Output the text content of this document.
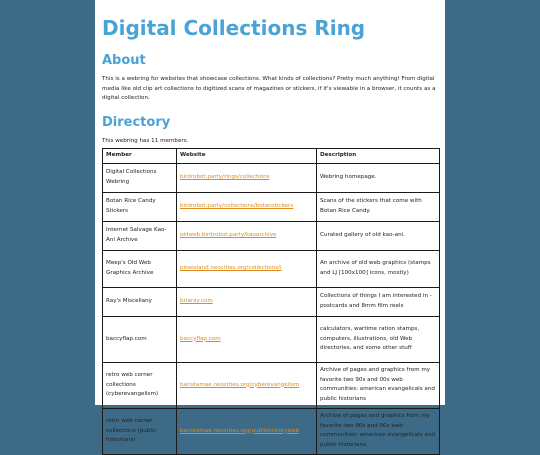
Digital Collections Ring
About

This is a webring for websites that showcase collections. What kinds of collections? Pretty much anything! From digital media like old clip art collections to digitized scans of magazines or stickers, if it's viewable in a browser, it counts as a digital collection.

Directory

This webring has 11 members.

Member	Website	Description
Digital Collections Webring	birdrobot.party/rings/collections	Webring homepage.
Botan Rice Candy Stickers	birdrobot.party/collections/botanstickers	Scans of the stickers that come with Botan Rice Candy.
Internet Salvage Kao-Ani Archive	oldweb.birdrobot.party/kaoarchive	Curated gallery of old kao-ani.
Meep's Old Web Graphics Archive	pineisland.neocities.org/collections/i	An archive of old web graphics (stamps and LJ [100x100] icons, mostly)
Ray's Miscellany	briaray.com	Collections of things I am interested in - postcards and 8mm film reels
baccyflap.com	baccyflap.com	calculators, wartime ration stamps, computers, illustrations, old Web directories, and some other stuff
retro web corner collections (cyberevangelism)	baristamae.neocities.org/cyberevangelism	Archive of pages and graphics from my favorite two 90s and 00s web communities: american evangelicals and public historians
retro web corner collections (public historians)	baristamae.neocities.org/publichistoryweb	Archive of pages and graphics from my favorite two 90s and 00s web communities: american evangelicals and public historians
